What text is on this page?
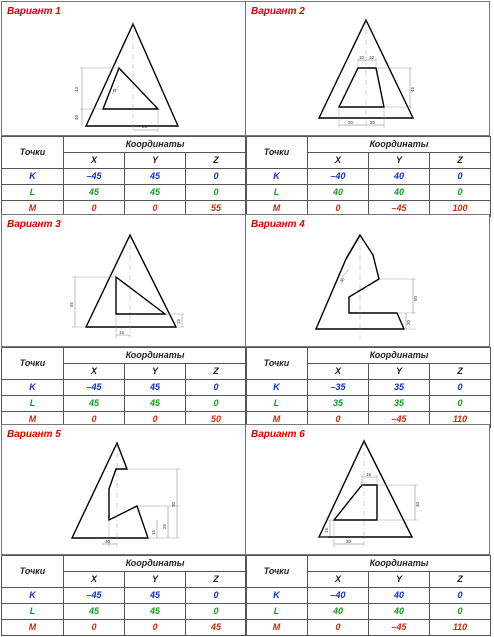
Вариант 1
43
30
25
R
Точки	Координаты		
	X	Y	Z
K	–45	45	0
L	45	45	0
M	0	0	55
Вариант 2
10 10
45
20	20
Точки	Координаты		
	X	Y	Z
K	–40	40	0
L	40	40	0
M	0	–45	100
Вариант 3
55
15
15
Точки	Координаты		
	X	Y	Z
K	–45	45	0
L	45	45	0
M	0	0	50
Вариант 4
30
50
20
Точки	Координаты		
	X	Y	Z
K	–35	35	0
L	35	35	0
M	0	–45	110
Вариант 5
30
25
15
30
Точки	Координаты		
	X	Y	Z
K	–45	45	0
L	45	45	0
M	0	0	45
Вариант 6
15
40
15
30
Точки	Координаты		
	X	Y	Z
K	–40	40	0
L	40	40	0
M	0	–45	110
